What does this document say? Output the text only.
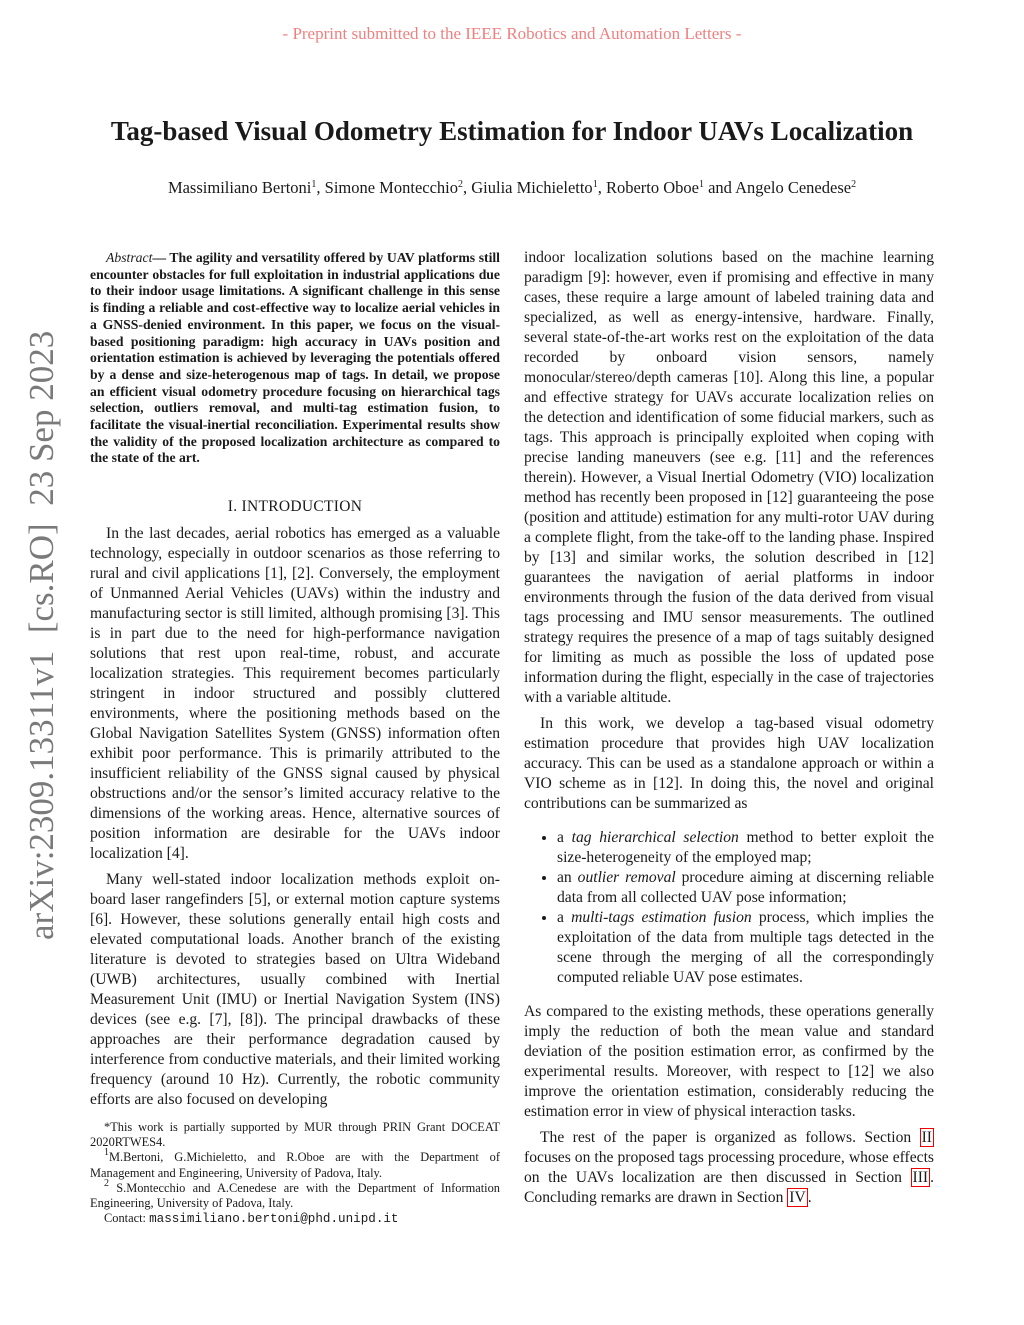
- Preprint submitted to the IEEE Robotics and Automation Letters -
Tag-based Visual Odometry Estimation for Indoor UAVs Localization
Massimiliano Bertoni$^1$, Simone Montecchio$^2$, Giulia Michieletto$^1$, Roberto Oboe$^1$ and Angelo Cenedese$^2$
arXiv:2309.13311v1  [cs.RO]  23 Sep 2023
Abstract— The agility and versatility offered by UAV platforms still encounter obstacles for full exploitation in industrial applications due to their indoor usage limitations. A significant challenge in this sense is finding a reliable and cost-effective way to localize aerial vehicles in a GNSS-denied environment. In this paper, we focus on the visual-based positioning paradigm: high accuracy in UAVs position and orientation estimation is achieved by leveraging the potentials offered by a dense and size-heterogenous map of tags. In detail, we propose an efficient visual odometry procedure focusing on hierarchical tags selection, outliers removal, and multi-tag estimation fusion, to facilitate the visual-inertial reconciliation. Experimental results show the validity of the proposed localization architecture as compared to the state of the art.
I. INTRODUCTION

In the last decades, aerial robotics has emerged as a valuable technology, especially in outdoor scenarios as those referring to rural and civil applications [1], [2]. Conversely, the employment of Unmanned Aerial Vehicles (UAVs) within the industry and manufacturing sector is still limited, although promising [3]. This is in part due to the need for high-performance navigation solutions that rest upon real-time, robust, and accurate localization strategies. This requirement becomes particularly stringent in indoor structured and possibly cluttered environments, where the positioning methods based on the Global Navigation Satellites System (GNSS) information often exhibit poor performance. This is primarily attributed to the insufficient reliability of the GNSS signal caused by physical obstructions and/or the sensor’s limited accuracy relative to the dimensions of the working areas. Hence, alternative sources of position information are desirable for the UAVs indoor localization [4].

Many well-stated indoor localization methods exploit on-board laser rangefinders [5], or external motion capture systems [6]. However, these solutions generally entail high costs and elevated computational loads. Another branch of the existing literature is devoted to strategies based on Ultra Wideband (UWB) architectures, usually combined with Inertial Measurement Unit (IMU) or Inertial Navigation System (INS) devices (see e.g. [7], [8]). The principal drawbacks of these approaches are their performance degradation caused by interference from conductive materials, and their limited working frequency (around 10 Hz). Currently, the robotic community efforts are also focused on developing

*This work is partially supported by MUR through PRIN Grant DOCEAT 2020RTWES4.
$^1$M.Bertoni, G.Michieletto, and R.Oboe are with the Department of Management and Engineering, University of Padova, Italy.
$^2$ S.Montecchio and A.Cenedese are with the Department of Information Engineering, University of Padova, Italy.
Contact: massimiliano.bertoni@phd.unipd.it

indoor localization solutions based on the machine learning paradigm [9]: however, even if promising and effective in many cases, these require a large amount of labeled training data and specialized, as well as energy-intensive, hardware. Finally, several state-of-the-art works rest on the exploitation of the data recorded by onboard vision sensors, namely monocular/stereo/depth cameras [10]. Along this line, a popular and effective strategy for UAVs accurate localization relies on the detection and identification of some fiducial markers, such as tags. This approach is principally exploited when coping with precise landing maneuvers (see e.g. [11] and the references therein). However, a Visual Inertial Odometry (VIO) localization method has recently been proposed in [12] guaranteeing the pose (position and attitude) estimation for any multi-rotor UAV during a complete flight, from the take-off to the landing phase. Inspired by [13] and similar works, the solution described in [12] guarantees the navigation of aerial platforms in indoor environments through the fusion of the data derived from visual tags processing and IMU sensor measurements. The outlined strategy requires the presence of a map of tags suitably designed for limiting as much as possible the loss of updated pose information during the flight, especially in the case of trajectories with a variable altitude.

In this work, we develop a tag-based visual odometry estimation procedure that provides high UAV localization accuracy. This can be used as a standalone approach or within a VIO scheme as in [12]. In doing this, the novel and original contributions can be summarized as

• a tag hierarchical selection method to better exploit the size-heterogeneity of the employed map;
• an outlier removal procedure aiming at discerning reliable data from all collected UAV pose information;
• a multi-tags estimation fusion process, which implies the exploitation of the data from multiple tags detected in the scene through the merging of all the correspondingly computed reliable UAV pose estimates.

As compared to the existing methods, these operations generally imply the reduction of both the mean value and standard deviation of the position estimation error, as confirmed by the experimental results. Moreover, with respect to [12] we also improve the orientation estimation, considerably reducing the estimation error in view of physical interaction tasks.

The rest of the paper is organized as follows. Section II focuses on the proposed tags processing procedure, whose effects on the UAVs localization are then discussed in Section III . Concluding remarks are drawn in Section IV .
